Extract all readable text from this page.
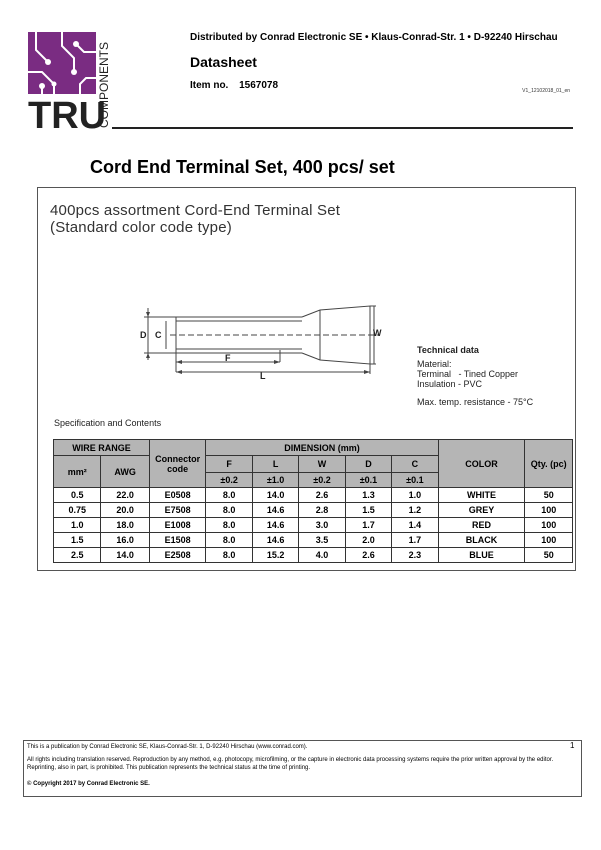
TRU
COMPONENTS
Distributed by Conrad Electronic SE • Klaus-Conrad-Str. 1 • D-92240 Hirschau
Datasheet
Item no. 1567078	V1_12102018_01_en
Cord End Terminal Set, 400 pcs/ set
400pcs assortment Cord-End Terminal Set
(Standard color code type)
D C	W
F
L
Technical data
Material:
Terminal   - Tined Copper
Insulation - PVC
Max. temp. resistance - 75°C
Specification and Contents
WIRE RANGE		Connector code	DIMENSION (mm)					COLOR	Qty. (pc)
mm²	AWG		F	L	W	D	C		
			±0.2	±1.0	±0.2	±0.1	±0.1		
0.5	22.0	E0508	8.0	14.0	2.6	1.3	1.0	WHITE	50
0.75	20.0	E7508	8.0	14.6	2.8	1.5	1.2	GREY	100
1.0	18.0	E1008	8.0	14.6	3.0	1.7	1.4	RED	100
1.5	16.0	E1508	8.0	14.6	3.5	2.0	1.7	BLACK	100
2.5	14.0	E2508	8.0	15.2	4.0	2.6	2.3	BLUE	50
1
This is a publication by Conrad Electronic SE, Klaus-Conrad-Str. 1, D-92240 Hirschau (www.conrad.com).
All rights including translation reserved. Reproduction by any method, e.g. photocopy, microfilming, or the capture in electronic data processing systems require the prior written approval by the editor. Reprinting, also in part, is prohibited. This publication represents the technical status at the time of printing.
© Copyright 2017 by Conrad Electronic SE.
